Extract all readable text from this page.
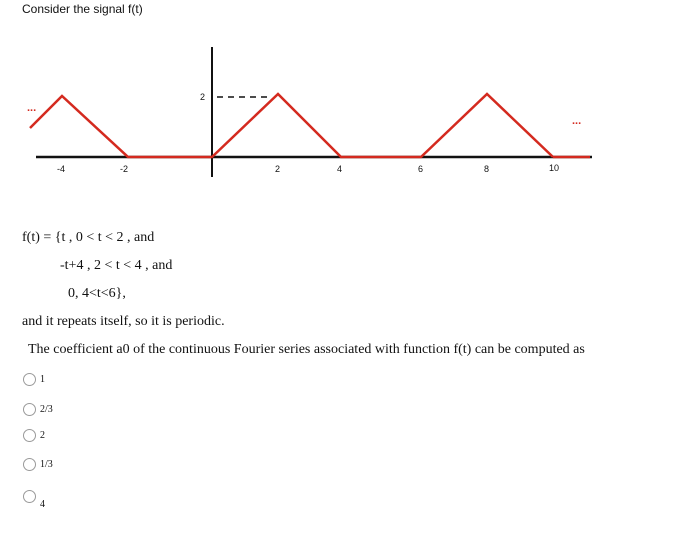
Consider the signal f(t)
...
...
2
-4	-2	2	4	6	8	10
f(t) = {t , 0 < t < 2 , and
-t+4 , 2 < t < 4 , and
0, 4<t<6},
and it repeats itself, so it is periodic.
The coefficient a0 of the continuous Fourier series associated with function f(t) can be computed as
1
2/3
2
1/3
4
